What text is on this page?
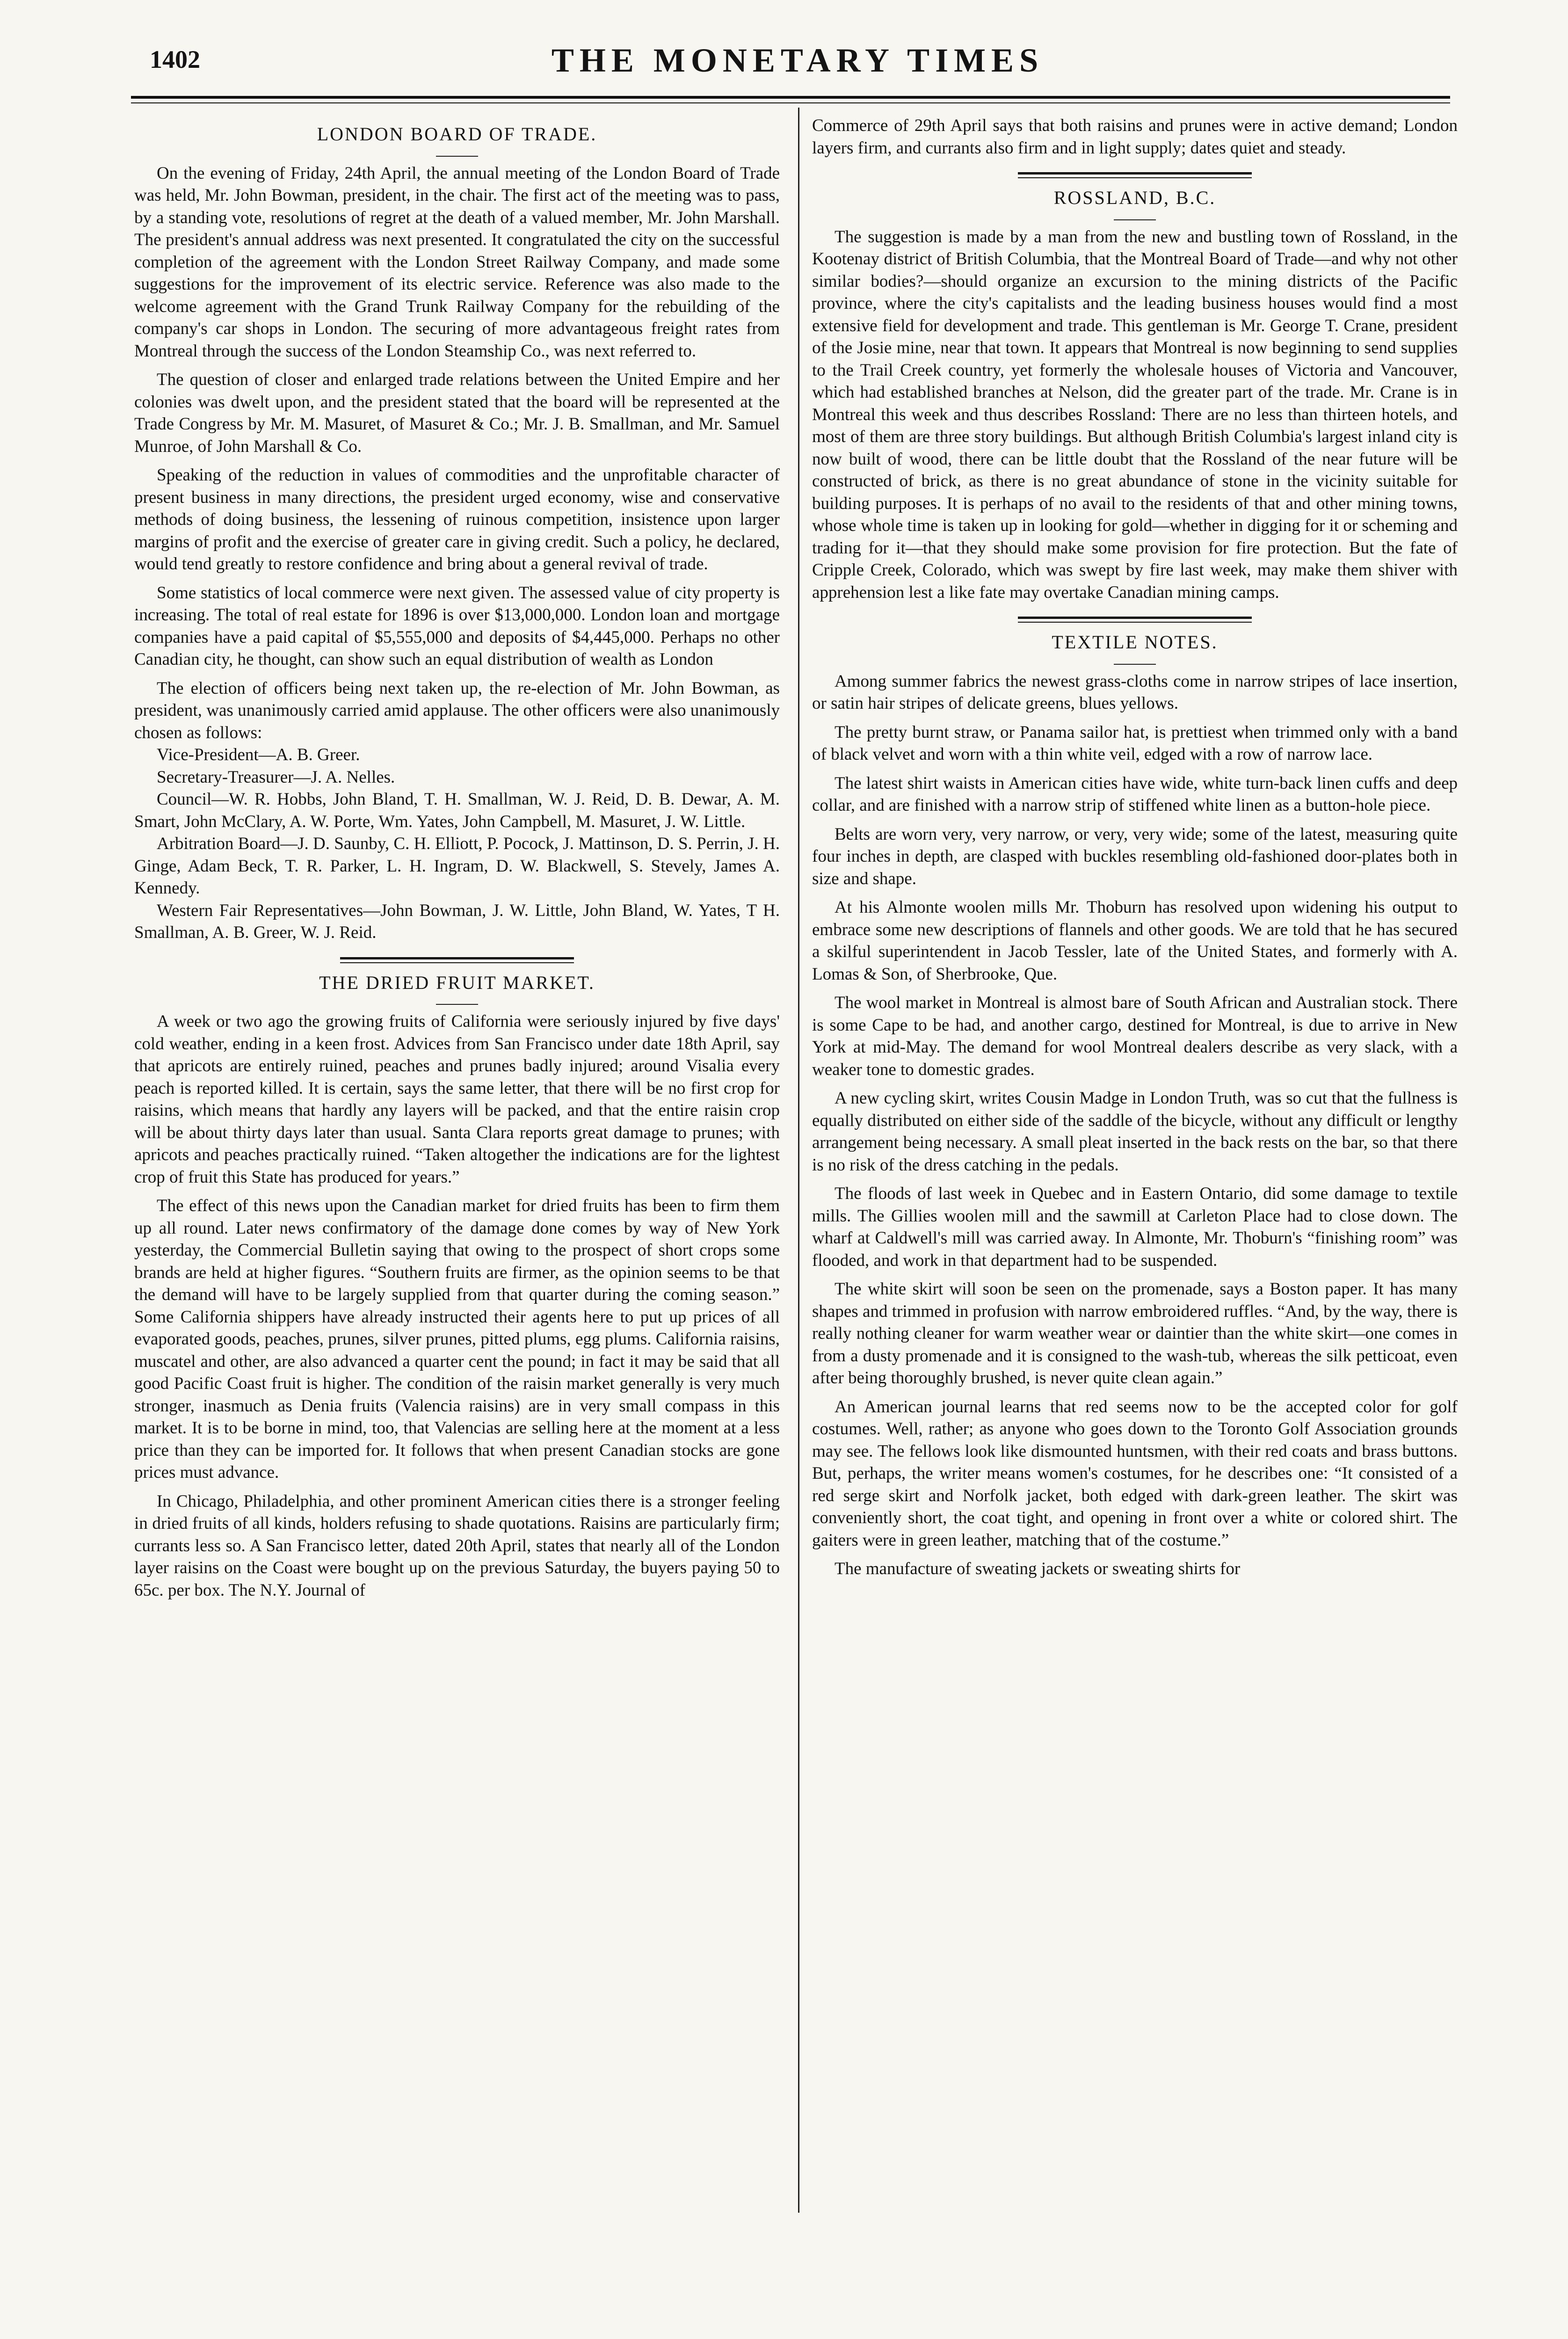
1402	THE MONETARY TIMES
LONDON BOARD OF TRADE.

On the evening of Friday, 24th April, the annual meeting of the London Board of Trade was held, Mr. John Bowman, president, in the chair. The first act of the meeting was to pass, by a standing vote, resolutions of regret at the death of a valued member, Mr. John Marshall. The president's annual address was next presented. It congratulated the city on the successful completion of the agreement with the London Street Railway Company, and made some suggestions for the improvement of its electric service. Reference was also made to the welcome agreement with the Grand Trunk Railway Company for the rebuilding of the company's car shops in London. The securing of more advantageous freight rates from Montreal through the success of the London Steamship Co., was next referred to.

The question of closer and enlarged trade relations between the United Empire and her colonies was dwelt upon, and the president stated that the board will be represented at the Trade Congress by Mr. M. Masuret, of Masuret & Co.; Mr. J. B. Smallman, and Mr. Samuel Munroe, of John Marshall & Co.

Speaking of the reduction in values of commodities and the unprofitable character of present business in many directions, the president urged economy, wise and conservative methods of doing business, the lessening of ruinous competition, insistence upon larger margins of profit and the exercise of greater care in giving credit. Such a policy, he declared, would tend greatly to restore confidence and bring about a general revival of trade.

Some statistics of local commerce were next given. The assessed value of city property is increasing. The total of real estate for 1896 is over $13,000,000. London loan and mortgage companies have a paid capital of $5,555,000 and deposits of $4,445,000. Perhaps no other Canadian city, he thought, can show such an equal distribution of wealth as London

The election of officers being next taken up, the re-election of Mr. John Bowman, as president, was unanimously carried amid applause. The other officers were also unanimously chosen as follows:

Vice-President—A. B. Greer.

Secretary-Treasurer—J. A. Nelles.

Council—W. R. Hobbs, John Bland, T. H. Smallman, W. J. Reid, D. B. Dewar, A. M. Smart, John McClary, A. W. Porte, Wm. Yates, John Campbell, M. Masuret, J. W. Little.

Arbitration Board—J. D. Saunby, C. H. Elliott, P. Pocock, J. Mattinson, D. S. Perrin, J. H. Ginge, Adam Beck, T. R. Parker, L. H. Ingram, D. W. Blackwell, S. Stevely, James A. Kennedy.

Western Fair Representatives—John Bowman, J. W. Little, John Bland, W. Yates, T H. Smallman, A. B. Greer, W. J. Reid.

THE DRIED FRUIT MARKET.

A week or two ago the growing fruits of California were seriously injured by five days' cold weather, ending in a keen frost. Advices from San Francisco under date 18th April, say that apricots are entirely ruined, peaches and prunes badly injured; around Visalia every peach is reported killed. It is certain, says the same letter, that there will be no first crop for raisins, which means that hardly any layers will be packed, and that the entire raisin crop will be about thirty days later than usual. Santa Clara reports great damage to prunes; with apricots and peaches practically ruined. “Taken altogether the indications are for the lightest crop of fruit this State has produced for years.”

The effect of this news upon the Canadian market for dried fruits has been to firm them up all round. Later news confirmatory of the damage done comes by way of New York yesterday, the Commercial Bulletin saying that owing to the prospect of short crops some brands are held at higher figures. “Southern fruits are firmer, as the opinion seems to be that the demand will have to be largely supplied from that quarter during the coming season.” Some California shippers have already instructed their agents here to put up prices of all evaporated goods, peaches, prunes, silver prunes, pitted plums, egg plums. California raisins, muscatel and other, are also advanced a quarter cent the pound; in fact it may be said that all good Pacific Coast fruit is higher. The condition of the raisin market generally is very much stronger, inasmuch as Denia fruits (Valencia raisins) are in very small compass in this market. It is to be borne in mind, too, that Valencias are selling here at the moment at a less price than they can be imported for. It follows that when present Canadian stocks are gone prices must advance.

In Chicago, Philadelphia, and other prominent American cities there is a stronger feeling in dried fruits of all kinds, holders refusing to shade quotations. Raisins are particularly firm; currants less so. A San Francisco letter, dated 20th April, states that nearly all of the London layer raisins on the Coast were bought up on the previous Saturday, the buyers paying 50 to 65c. per box. The N.Y. Journal of

Commerce of 29th April says that both raisins and prunes were in active demand; London layers firm, and currants also firm and in light supply; dates quiet and steady.

ROSSLAND, B.C.

The suggestion is made by a man from the new and bustling town of Rossland, in the Kootenay district of British Columbia, that the Montreal Board of Trade—and why not other similar bodies?—should organize an excursion to the mining districts of the Pacific province, where the city's capitalists and the leading business houses would find a most extensive field for development and trade. This gentleman is Mr. George T. Crane, president of the Josie mine, near that town. It appears that Montreal is now beginning to send supplies to the Trail Creek country, yet formerly the wholesale houses of Victoria and Vancouver, which had established branches at Nelson, did the greater part of the trade. Mr. Crane is in Montreal this week and thus describes Rossland: There are no less than thirteen hotels, and most of them are three story buildings. But although British Columbia's largest inland city is now built of wood, there can be little doubt that the Rossland of the near future will be constructed of brick, as there is no great abundance of stone in the vicinity suitable for building purposes. It is perhaps of no avail to the residents of that and other mining towns, whose whole time is taken up in looking for gold—whether in digging for it or scheming and trading for it—that they should make some provision for fire protection. But the fate of Cripple Creek, Colorado, which was swept by fire last week, may make them shiver with apprehension lest a like fate may overtake Canadian mining camps.

TEXTILE NOTES.

Among summer fabrics the newest grass-cloths come in narrow stripes of lace insertion, or satin hair stripes of delicate greens, blues yellows.

The pretty burnt straw, or Panama sailor hat, is prettiest when trimmed only with a band of black velvet and worn with a thin white veil, edged with a row of narrow lace.

The latest shirt waists in American cities have wide, white turn-back linen cuffs and deep collar, and are finished with a narrow strip of stiffened white linen as a button-hole piece.

Belts are worn very, very narrow, or very, very wide; some of the latest, measuring quite four inches in depth, are clasped with buckles resembling old-fashioned door-plates both in size and shape.

At his Almonte woolen mills Mr. Thoburn has resolved upon widening his output to embrace some new descriptions of flannels and other goods. We are told that he has secured a skilful superintendent in Jacob Tessler, late of the United States, and formerly with A. Lomas & Son, of Sherbrooke, Que.

The wool market in Montreal is almost bare of South African and Australian stock. There is some Cape to be had, and another cargo, destined for Montreal, is due to arrive in New York at mid-May. The demand for wool Montreal dealers describe as very slack, with a weaker tone to domestic grades.

A new cycling skirt, writes Cousin Madge in London Truth, was so cut that the fullness is equally distributed on either side of the saddle of the bicycle, without any difficult or lengthy arrangement being necessary. A small pleat inserted in the back rests on the bar, so that there is no risk of the dress catching in the pedals.

The floods of last week in Quebec and in Eastern Ontario, did some damage to textile mills. The Gillies woolen mill and the sawmill at Carleton Place had to close down. The wharf at Caldwell's mill was carried away. In Almonte, Mr. Thoburn's “finishing room” was flooded, and work in that department had to be suspended.

The white skirt will soon be seen on the promenade, says a Boston paper. It has many shapes and trimmed in profusion with narrow embroidered ruffles. “And, by the way, there is really nothing cleaner for warm weather wear or daintier than the white skirt—one comes in from a dusty promenade and it is consigned to the wash-tub, whereas the silk petticoat, even after being thoroughly brushed, is never quite clean again.”

An American journal learns that red seems now to be the accepted color for golf costumes. Well, rather; as anyone who goes down to the Toronto Golf Association grounds may see. The fellows look like dismounted huntsmen, with their red coats and brass buttons. But, perhaps, the writer means women's costumes, for he describes one: “It consisted of a red serge skirt and Norfolk jacket, both edged with dark-green leather. The skirt was conveniently short, the coat tight, and opening in front over a white or colored shirt. The gaiters were in green leather, matching that of the costume.”

The manufacture of sweating jackets or sweating shirts for
